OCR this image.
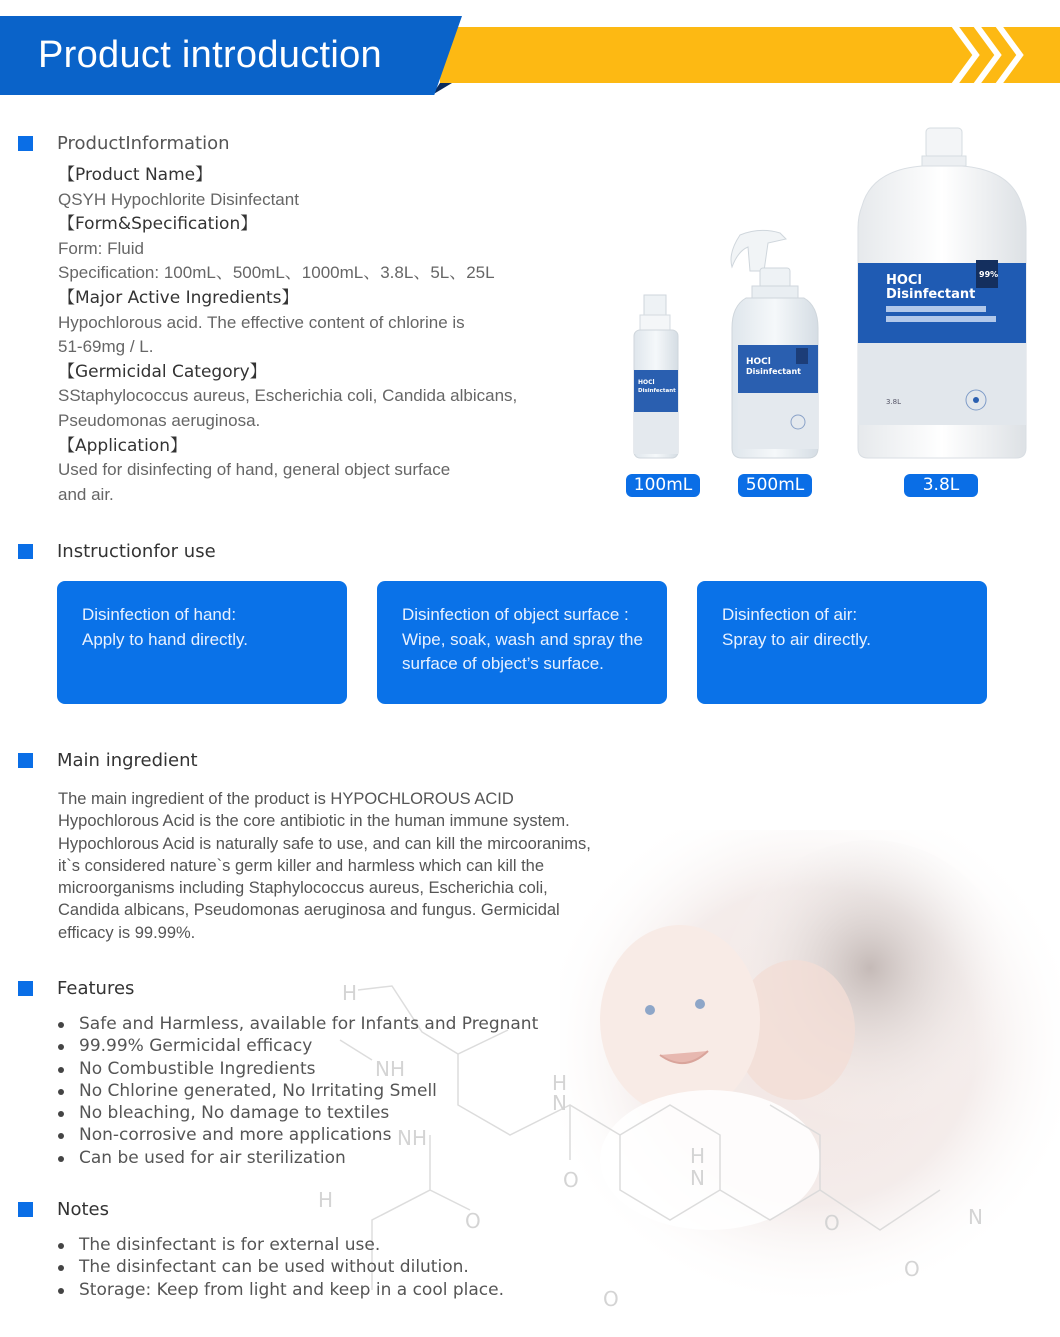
Product introduction
ProductInformation
【Product Name】
QSYH Hypochlorite Disinfectant
【Form&Specification】
Form: Fluid
Specification: 100mL、500mL、1000mL、3.8L、5L、25L
【Major Active Ingredients】
Hypochlorous acid. The effective content of chlorine is
51-69mg / L.
【Germicidal Category】
SStaphylococcus aureus, Escherichia coli, Candida albicans,
Pseudomonas aeruginosa.
【Application】
Used for disinfecting of hand, general object surface
and air.
HOCl
Disinfectant
HOCl
Disinfectant
HOCl
Disinfectant
99%
3.8L
100mL	500mL	3.8L
Instructionfor use
Disinfection of hand:
Apply to hand directly.
Disinfection of object surface :
Wipe, soak, wash and spray the
surface of object’s surface.
Disinfection of air:
Spray to air directly.
H
NH
NH
H
H
N
O
O
H
N
O	N
O
O
Main ingredient
The main ingredient of the product is HYPOCHLOROUS ACID
Hypochlorous Acid is the core antibiotic in the human immune system.
Hypochlorous Acid is naturally safe to use, and can kill the mircooranims,
it`s considered nature`s germ killer and harmless which can kill the
microorganisms including Staphylococcus aureus, Escherichia coli,
Candida albicans, Pseudomonas aeruginosa and fungus. Germicidal
efficacy is 99.99%.
Features
Safe and Harmless, available for Infants and Pregnant
99.99% Germicidal efficacy
No Combustible Ingredients
No Chlorine generated, No Irritating Smell
No bleaching, No damage to textiles
Non-corrosive and more applications
Can be used for air sterilization
Notes
The disinfectant is for external use.
The disinfectant can be used without dilution.
Storage: Keep from light and keep in a cool place.
